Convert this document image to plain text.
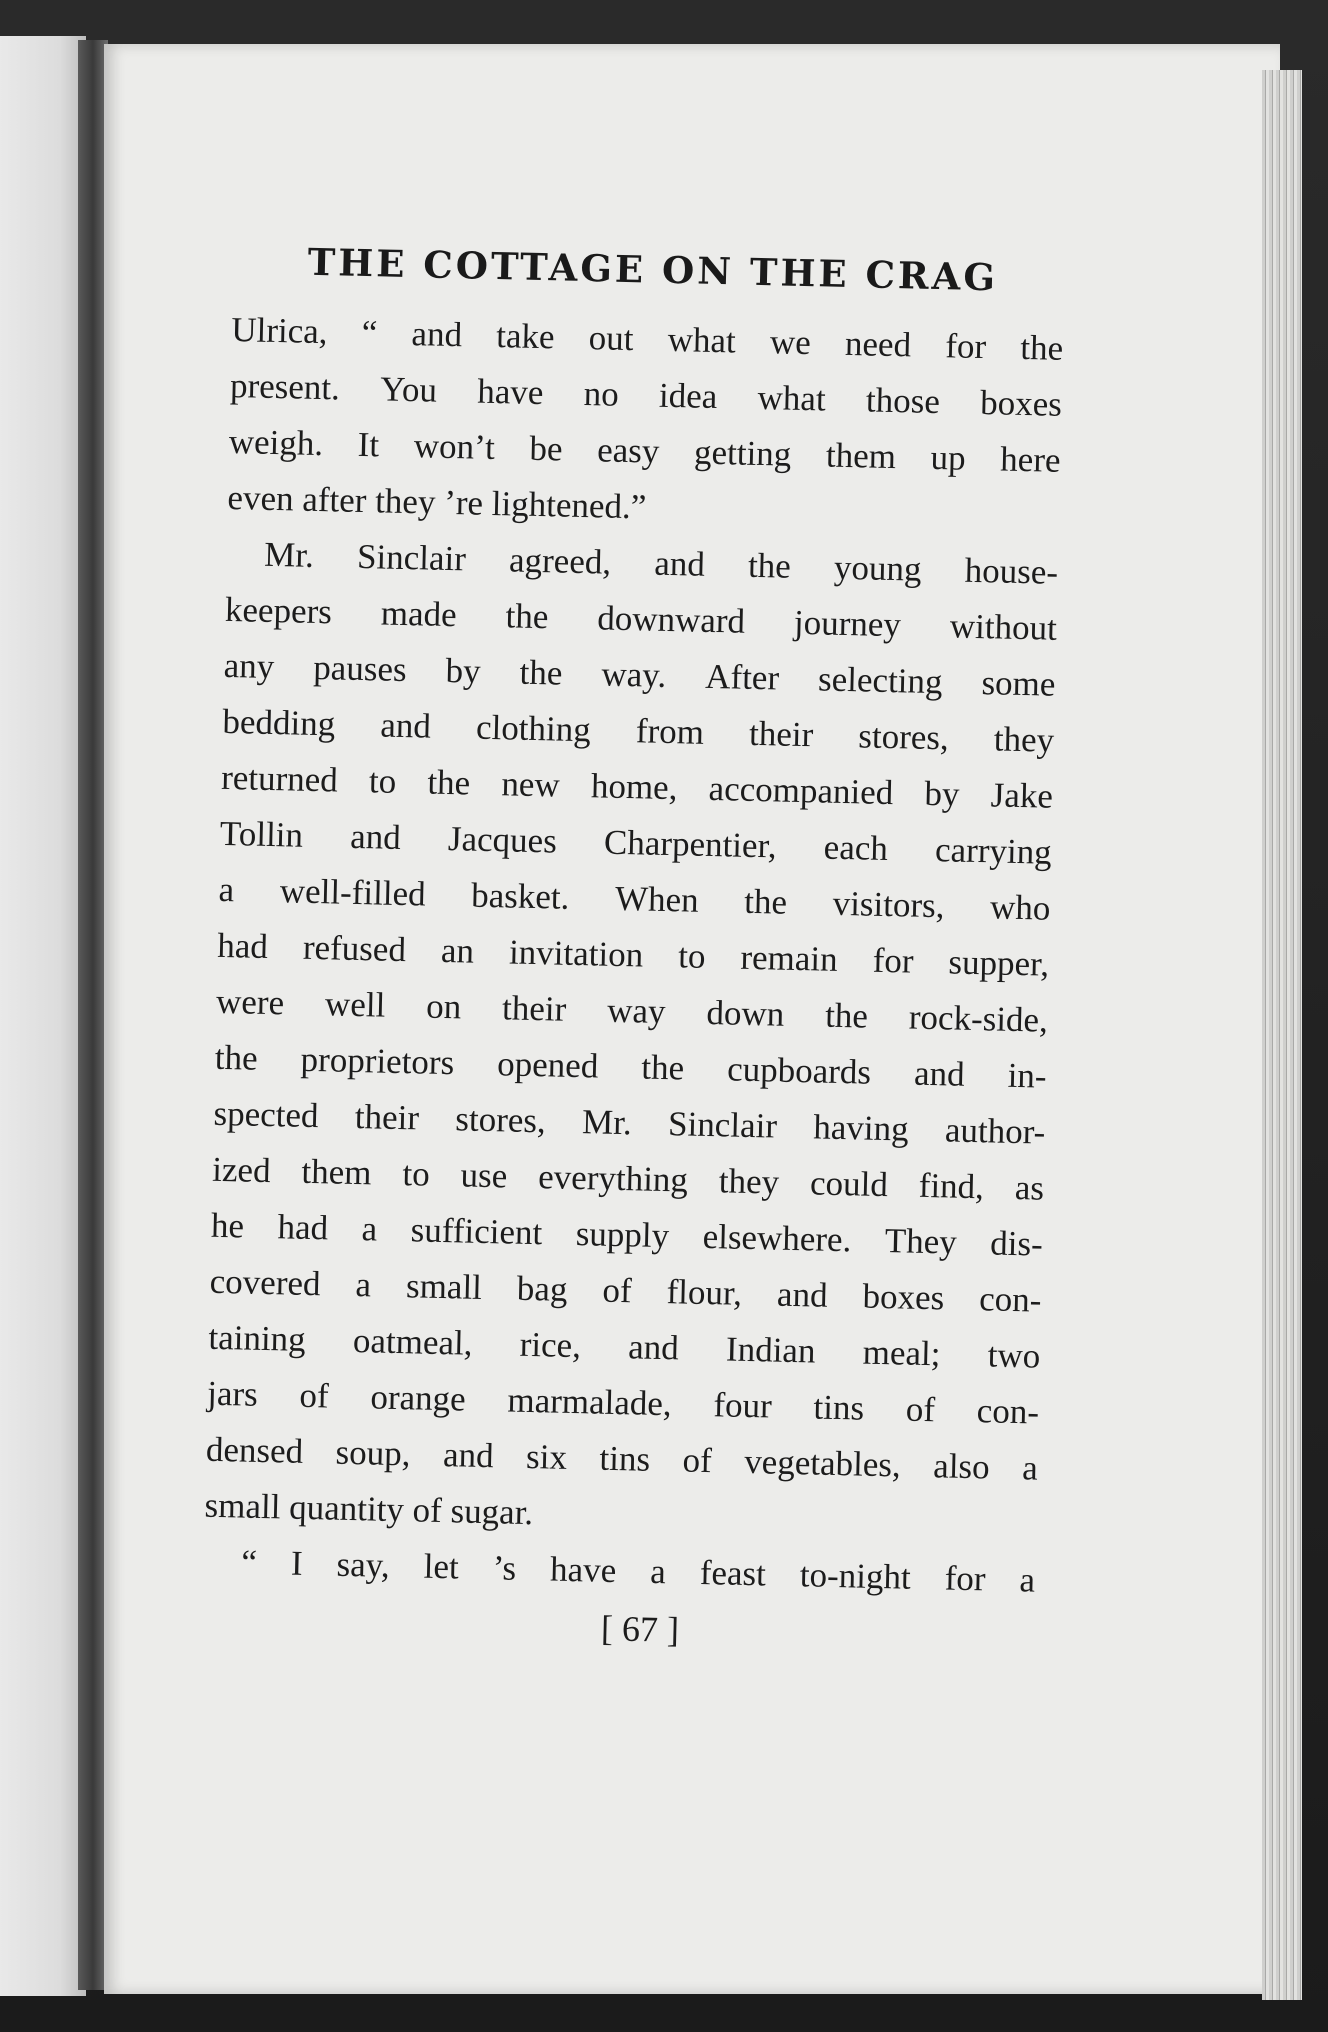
THE COTTAGE ON THE CRAG
Ulrica, “ and take out what we need for the
present. You have no idea what those boxes
weigh. It won’t be easy getting them up here
even after they ’re lightened.”
Mr. Sinclair agreed, and the young house-
keepers made the downward journey without
any pauses by the way. After selecting some
bedding and clothing from their stores, they
returned to the new home, accompanied by Jake
Tollin and Jacques Charpentier, each carrying
a well-filled basket. When the visitors, who
had refused an invitation to remain for supper,
were well on their way down the rock-side,
the proprietors opened the cupboards and in-
spected their stores, Mr. Sinclair having author-
ized them to use everything they could find, as
he had a sufficient supply elsewhere. They dis-
covered a small bag of flour, and boxes con-
taining oatmeal, rice, and Indian meal; two
jars of orange marmalade, four tins of con-
densed soup, and six tins of vegetables, also a
small quantity of sugar.
“ I say, let ’s have a feast to-night for a
[ 67 ]
